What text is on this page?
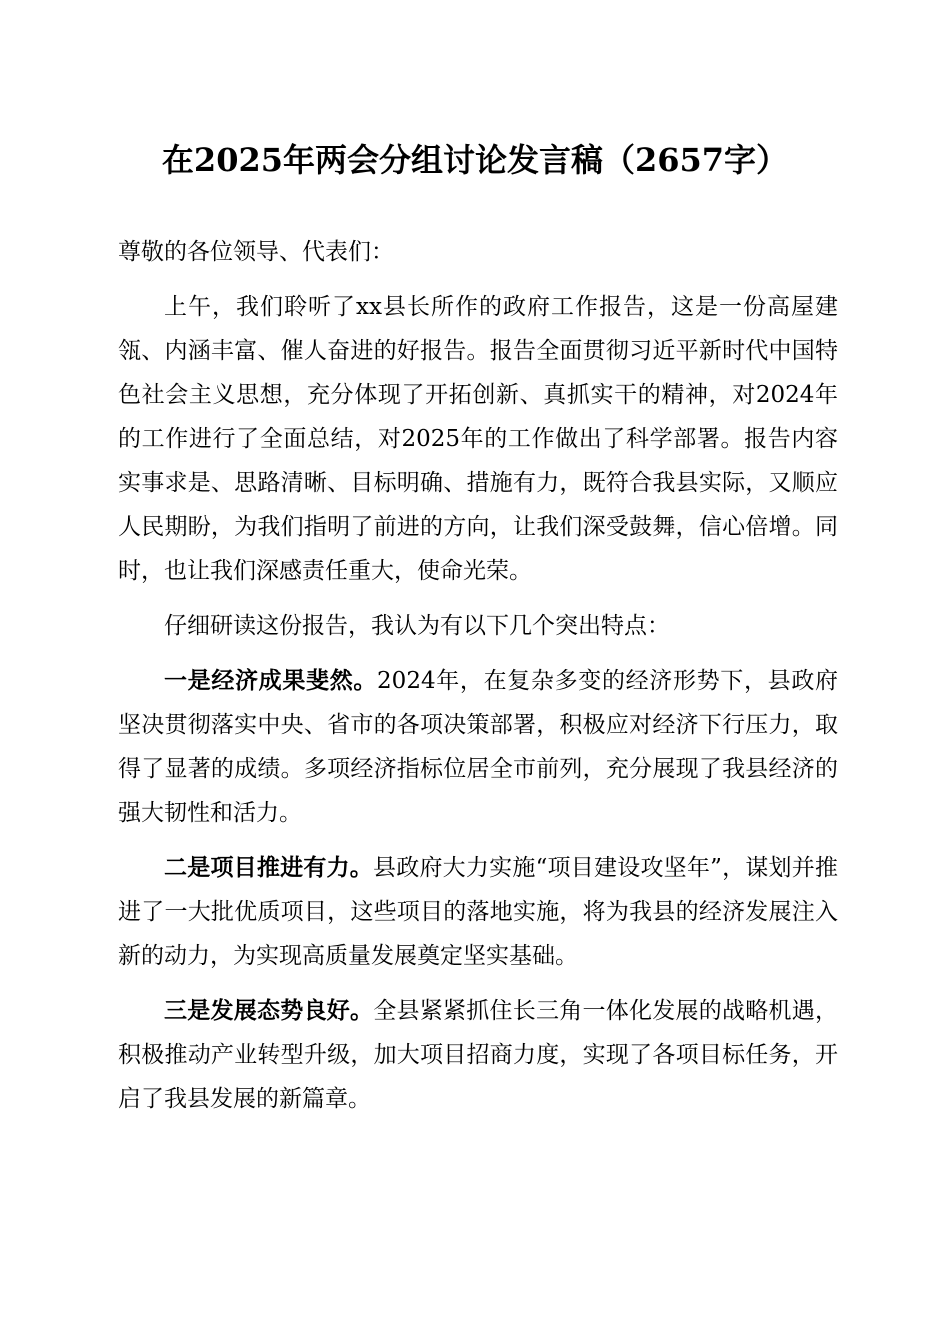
在2025年两会分组讨论发言稿（2657字）

尊敬的各位领导、代表们：

上午，我们聆听了xx县长所作的政府工作报告，这是一份高屋建瓴、内涵丰富、催人奋进的好报告。报告全面贯彻习近平新时代中国特色社会主义思想，充分体现了开拓创新、真抓实干的精神，对2024年的工作进行了全面总结，对2025年的工作做出了科学部署。报告内容实事求是、思路清晰、目标明确、措施有力，既符合我县实际，又顺应人民期盼，为我们指明了前进的方向，让我们深受鼓舞，信心倍增。同时，也让我们深感责任重大，使命光荣。

仔细研读这份报告，我认为有以下几个突出特点：

一是经济成果斐然。2024年，在复杂多变的经济形势下，县政府坚决贯彻落实中央、省市的各项决策部署，积极应对经济下行压力，取得了显著的成绩。多项经济指标位居全市前列，充分展现了我县经济的强大韧性和活力。

二是项目推进有力。县政府大力实施“项目建设攻坚年”，谋划并推进了一大批优质项目，这些项目的落地实施，将为我县的经济发展注入新的动力，为实现高质量发展奠定坚实基础。

三是发展态势良好。全县紧紧抓住长三角一体化发展的战略机遇，积极推动产业转型升级，加大项目招商力度，实现了各项目标任务，开启了我县发展的新篇章。
